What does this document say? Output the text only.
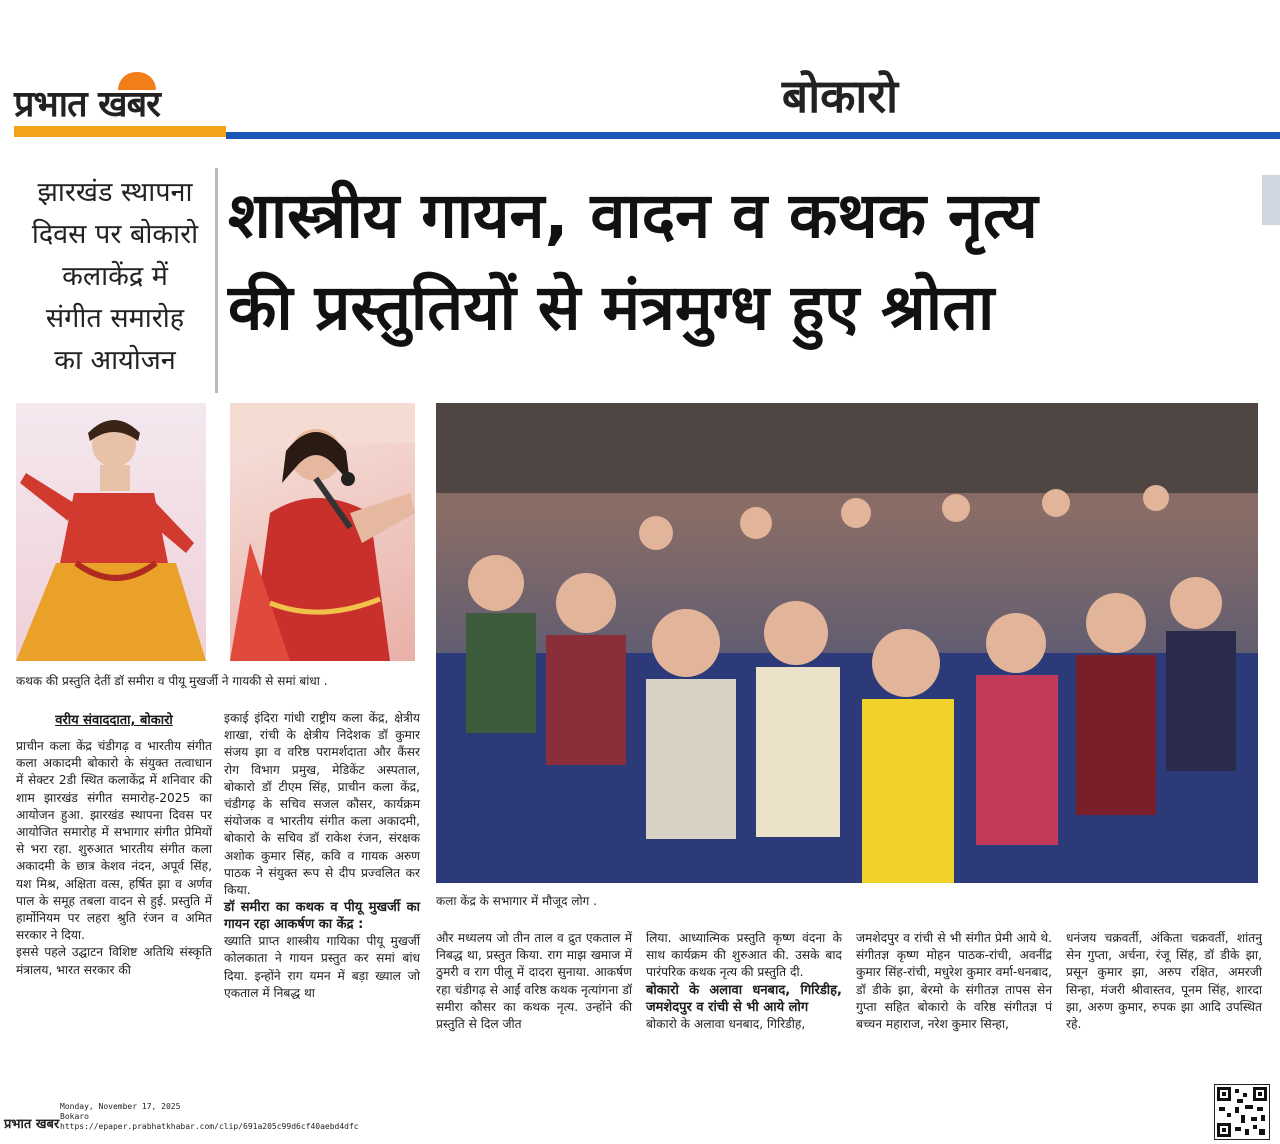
प्रभात खबर	बोकारो
झारखंड स्थापना
दिवस पर बोकारो
कलाकेंद्र में
संगीत समारोह
का आयोजन
शास्त्रीय गायन, वादन व कथक नृत्य
की प्रस्तुतियों से मंत्रमुग्ध हुए श्रोता
कथक की प्रस्तुति देतीं डॉ समीरा व पीयू मुखर्जी ने गायकी से समां बांधा .
कला केंद्र के सभागार में मौजूद लोग .
वरीय संवाददाता, बोकारो

प्राचीन कला केंद्र चंडीगढ़ व भारतीय संगीत कला अकादमी बोकारो के संयुक्त तत्वाधान में सेक्टर 2डी स्थित कलाकेंद्र में शनिवार की शाम झारखंड संगीत समारोह-2025 का आयोजन हुआ. झारखंड स्थापना दिवस पर आयोजित समारोह में सभागार संगीत प्रेमियों से भरा रहा. शुरुआत भारतीय संगीत कला अकादमी के छात्र केशव नंदन, अपूर्व सिंह, यश मिश्र, अक्षिता वत्स, हर्षित झा व अर्णव पाल के समूह तबला वादन से हुई. प्रस्तुति में हार्मोनियम पर लहरा श्रुति रंजन व अमित सरकार ने दिया.

इससे पहले उद्घाटन विशिष्ट अतिथि संस्कृति मंत्रालय, भारत सरकार की

इकाई इंदिरा गांधी राष्ट्रीय कला केंद्र, क्षेत्रीय शाखा, रांची के क्षेत्रीय निदेशक डॉ कुमार संजय झा व वरिष्ठ परामर्शदाता और कैंसर रोग विभाग प्रमुख, मेडिकेंट अस्पताल, बोकारो डॉ टीएम सिंह, प्राचीन कला केंद्र, चंडीगढ़ के सचिव सजल कौसर, कार्यक्रम संयोजक व भारतीय संगीत कला अकादमी, बोकारो के सचिव डॉ राकेश रंजन, संरक्षक अशोक कुमार सिंह, कवि व गायक अरुण पाठक ने संयुक्त रूप से दीप प्रज्वलित कर किया.

डॉ समीरा का कथक व पीयू मुखर्जी का गायन रहा आकर्षण का केंद्र :

ख्याति प्राप्त शास्त्रीय गायिका पीयू मुखर्जी कोलकाता ने गायन प्रस्तुत कर समां बांध दिया. इन्होंने राग यमन में बड़ा ख्याल जो एकताल में निबद्ध था

और मध्यलय जो तीन ताल व द्रुत एकताल में निबद्ध था, प्रस्तुत किया. राग माझ खमाज में ठुमरी व राग पीलू में दादरा सुनाया. आकर्षण रहा चंडीगढ़ से आईं वरिष्ठ कथक नृत्यांगना डॉ समीरा कौसर का कथक नृत्य. उन्होंने की प्रस्तुति से दिल जीत

लिया. आध्यात्मिक प्रस्तुति कृष्ण वंदना के साथ कार्यक्रम की शुरुआत की. उसके बाद पारंपरिक कथक नृत्य की प्रस्तुति दी.

बोकारो के अलावा धनबाद, गिरिडीह, जमशेदपुर व रांची से भी आये लोग

बोकारो के अलावा धनबाद, गिरिडीह,

जमशेदपुर व रांची से भी संगीत प्रेमी आये थे. संगीतज्ञ कृष्ण मोहन पाठक-रांची, अवनींद्र कुमार सिंह-रांची, मधुरेश कुमार वर्मा-धनबाद, डॉ डीके झा, बेरमो के संगीतज्ञ तापस सेन गुप्ता सहित बोकारो के वरिष्ठ संगीतज्ञ पं बच्चन महाराज, नरेश कुमार सिन्हा,

धनंजय चक्रवर्ती, अंकिता चक्रवर्ती, शांतनु सेन गुप्ता, अर्चना, रंजू सिंह, डॉ डीके झा, प्रसून कुमार झा, अरुप रक्षित, अमरजी सिन्हा, मंजरी श्रीवास्तव, पूनम सिंह, शारदा झा, अरुण कुमार, रुपक झा आदि उपस्थित रहे.

प्रभात खबर
Monday, November 17, 2025
Bokaro
https://epaper.prabhatkhabar.com/clip/691a205c99d6cf40aebd4dfc
